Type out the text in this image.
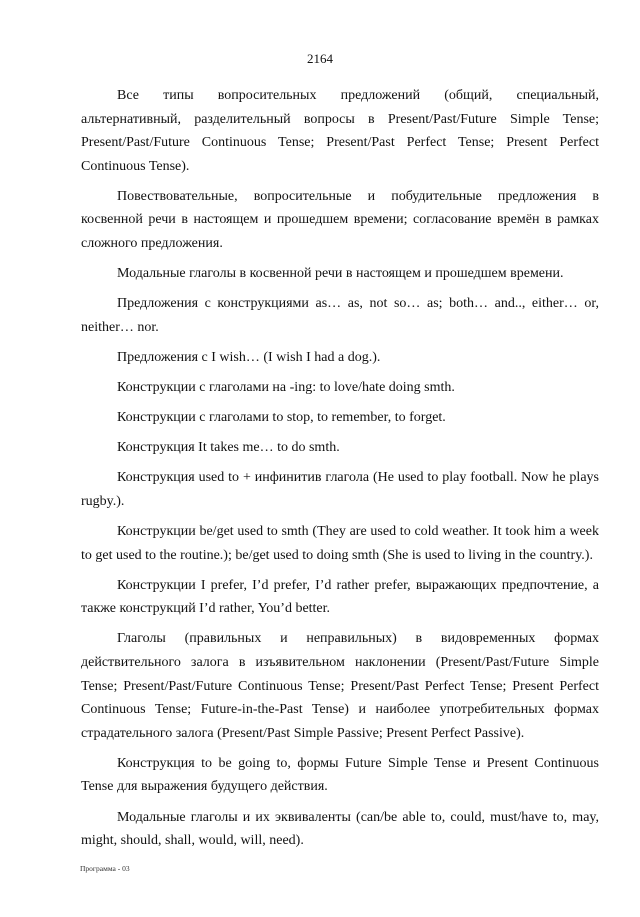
2164

Все типы вопросительных предложений (общий, специальный, альтернативный, разделительный вопросы в Present/Past/Future Simple Tense; Present/Past/Future Continuous Tense; Present/Past Perfect Tense; Present Perfect Continuous Tense).

Повествовательные, вопросительные и побудительные предложения в косвенной речи в настоящем и прошедшем времени; согласование времён в рамках сложного предложения.

Модальные глаголы в косвенной речи в настоящем и прошедшем времени.

Предложения с конструкциями as… as, not so… as; both… and.., either… or, neither… nor.

Предложения с I wish… (I wish I had a dog.).

Конструкции с глаголами на -ing: to love/hate doing smth.

Конструкции с глаголами to stop, to remember, to forget.

Конструкция It takes me… to do smth.

Конструкция used to + инфинитив глагола (He used to play football. Now he plays rugby.).

Конструкции be/get used to smth (They are used to cold weather. It took him a week to get used to the routine.); be/get used to doing smth (She is used to living in the country.).

Конструкции I prefer, I’d prefer, I’d rather prefer, выражающих предпочтение, а также конструкций I’d rather, You’d better.

Глаголы (правильных и неправильных) в видовременных формах действительного залога в изъявительном наклонении (Present/Past/Future Simple Tense; Present/Past/Future Continuous Tense; Present/Past Perfect Tense; Present Perfect Continuous Tense; Future-in-the-Past Tense) и наиболее употребительных формах страдательного залога (Present/Past Simple Passive; Present Perfect Passive).

Конструкция to be going to, формы Future Simple Tense и Present Continuous Tense для выражения будущего действия.

Модальные глаголы и их эквиваленты (can/be able to, could, must/have to, may, might, should, shall, would, will, need).

Программа - 03
